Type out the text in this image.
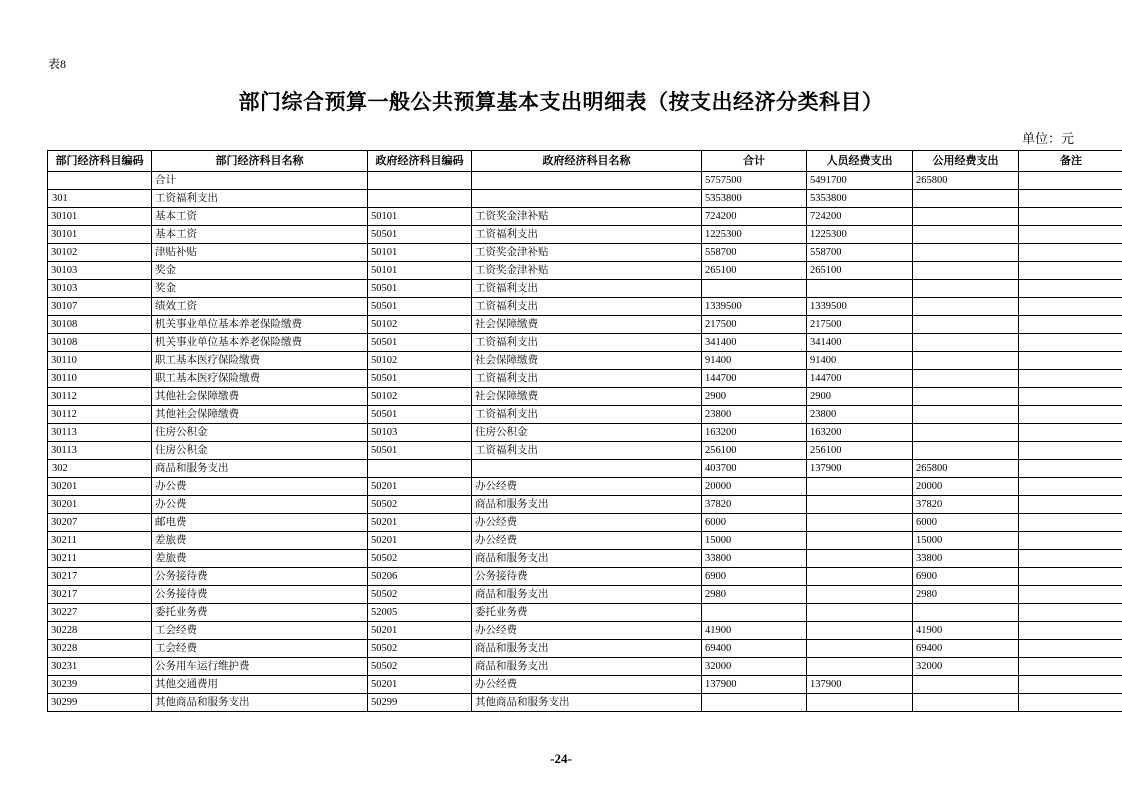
表8
部门综合预算一般公共预算基本支出明细表（按支出经济分类科目）
单位：元
部门经济科目编码	部门经济科目名称	政府经济科目编码	政府经济科目名称	合计	人员经费支出	公用经费支出	备注
	合计			5757500	5491700	265800	
301	工资福利支出			5353800	5353800		
30101	基本工资	50101	工资奖金津补贴	724200	724200		
30101	基本工资	50501	工资福利支出	1225300	1225300		
30102	津贴补贴	50101	工资奖金津补贴	558700	558700		
30103	奖金	50101	工资奖金津补贴	265100	265100		
30103	奖金	50501	工资福利支出				
30107	绩效工资	50501	工资福利支出	1339500	1339500		
30108	机关事业单位基本养老保险缴费	50102	社会保障缴费	217500	217500		
30108	机关事业单位基本养老保险缴费	50501	工资福利支出	341400	341400		
30110	职工基本医疗保险缴费	50102	社会保障缴费	91400	91400		
30110	职工基本医疗保险缴费	50501	工资福利支出	144700	144700		
30112	其他社会保障缴费	50102	社会保障缴费	2900	2900		
30112	其他社会保障缴费	50501	工资福利支出	23800	23800		
30113	住房公积金	50103	住房公积金	163200	163200		
30113	住房公积金	50501	工资福利支出	256100	256100		
302	商品和服务支出			403700	137900	265800	
30201	办公费	50201	办公经费	20000		20000	
30201	办公费	50502	商品和服务支出	37820		37820	
30207	邮电费	50201	办公经费	6000		6000	
30211	差旅费	50201	办公经费	15000		15000	
30211	差旅费	50502	商品和服务支出	33800		33800	
30217	公务接待费	50206	公务接待费	6900		6900	
30217	公务接待费	50502	商品和服务支出	2980		2980	
30227	委托业务费	52005	委托业务费				
30228	工会经费	50201	办公经费	41900		41900	
30228	工会经费	50502	商品和服务支出	69400		69400	
30231	公务用车运行维护费	50502	商品和服务支出	32000		32000	
30239	其他交通费用	50201	办公经费	137900	137900		
30299	其他商品和服务支出	50299	其他商品和服务支出				
-24-
